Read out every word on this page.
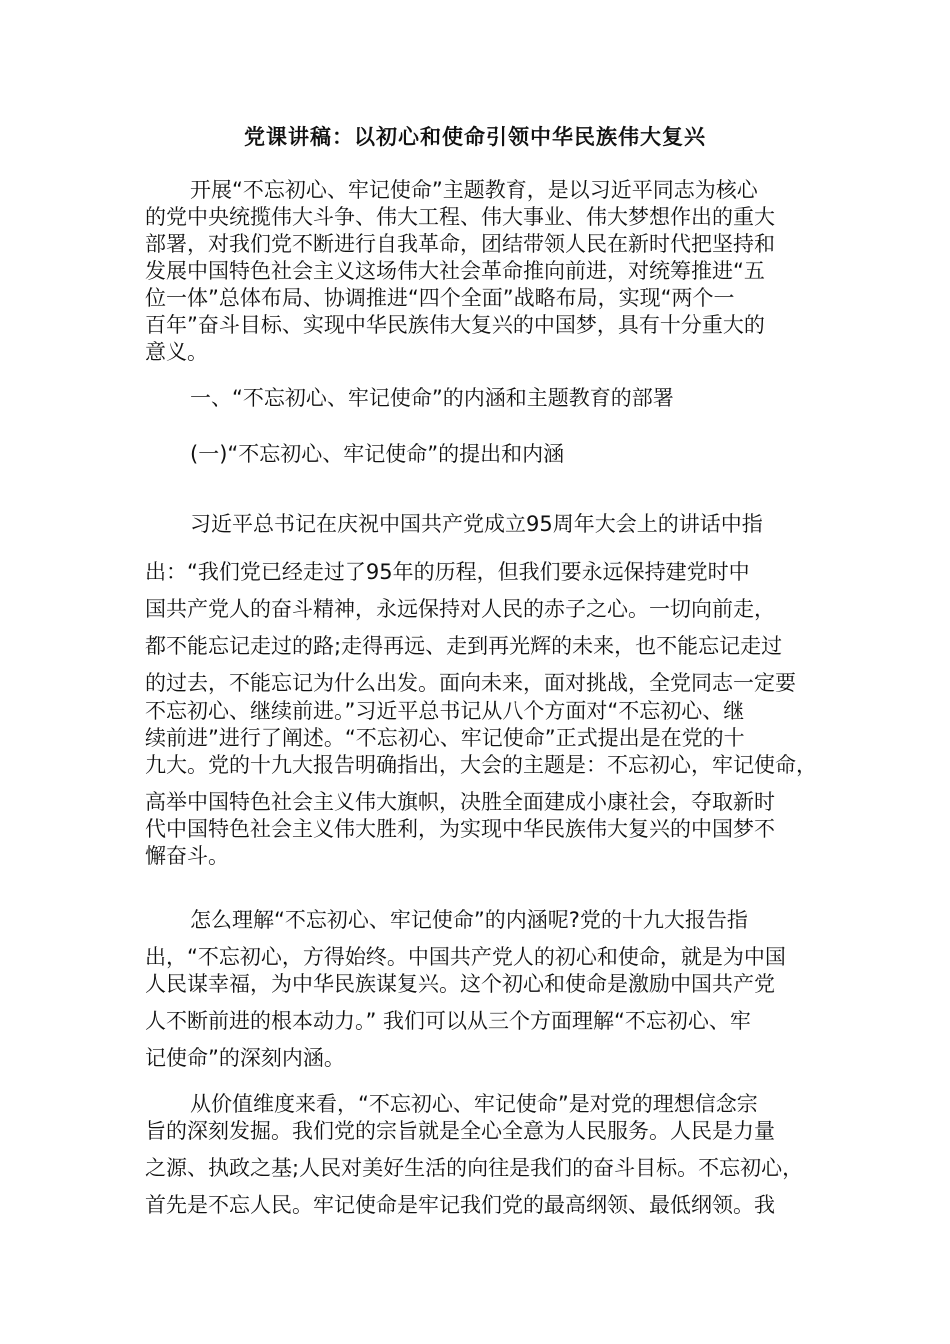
党课讲稿：以初心和使命引领中华民族伟大复兴
开展“不忘初心、牢记使命”主题教育，是以习近平同志为核心
的党中央统揽伟大斗争、伟大工程、伟大事业、伟大梦想作出的重大
部署，对我们党不断进行自我革命，团结带领人民在新时代把坚持和
发展中国特色社会主义这场伟大社会革命推向前进，对统筹推进“五
位一体”总体布局、协调推进“四个全面”战略布局，实现“两个一
百年”奋斗目标、实现中华民族伟大复兴的中国梦，具有十分重大的
意义。
一、“不忘初心、牢记使命”的内涵和主题教育的部署
(一)“不忘初心、牢记使命”的提出和内涵
习近平总书记在庆祝中国共产党成立95周年大会上的讲话中指
出：“我们党已经走过了95年的历程，但我们要永远保持建党时中
国共产党人的奋斗精神，永远保持对人民的赤子之心。一切向前走，
都不能忘记走过的路;走得再远、走到再光辉的未来，也不能忘记走过
的过去，不能忘记为什么出发。面向未来，面对挑战，全党同志一定要
不忘初心、继续前进。”习近平总书记从八个方面对“不忘初心、继
续前进”进行了阐述。“不忘初心、牢记使命”正式提出是在党的十
九大。党的十九大报告明确指出，大会的主题是：不忘初心，牢记使命，
高举中国特色社会主义伟大旗帜，决胜全面建成小康社会，夺取新时
代中国特色社会主义伟大胜利，为实现中华民族伟大复兴的中国梦不
懈奋斗。
怎么理解“不忘初心、牢记使命”的内涵呢?党的十九大报告指
出，“不忘初心，方得始终。中国共产党人的初心和使命，就是为中国
人民谋幸福，为中华民族谋复兴。这个初心和使命是激励中国共产党
人不断前进的根本动力。” 我们可以从三个方面理解“不忘初心、牢
记使命”的深刻内涵。
从价值维度来看，“不忘初心、牢记使命”是对党的理想信念宗
旨的深刻发掘。我们党的宗旨就是全心全意为人民服务。人民是力量
之源、执政之基;人民对美好生活的向往是我们的奋斗目标。不忘初心，
首先是不忘人民。牢记使命是牢记我们党的最高纲领、最低纲领。我
